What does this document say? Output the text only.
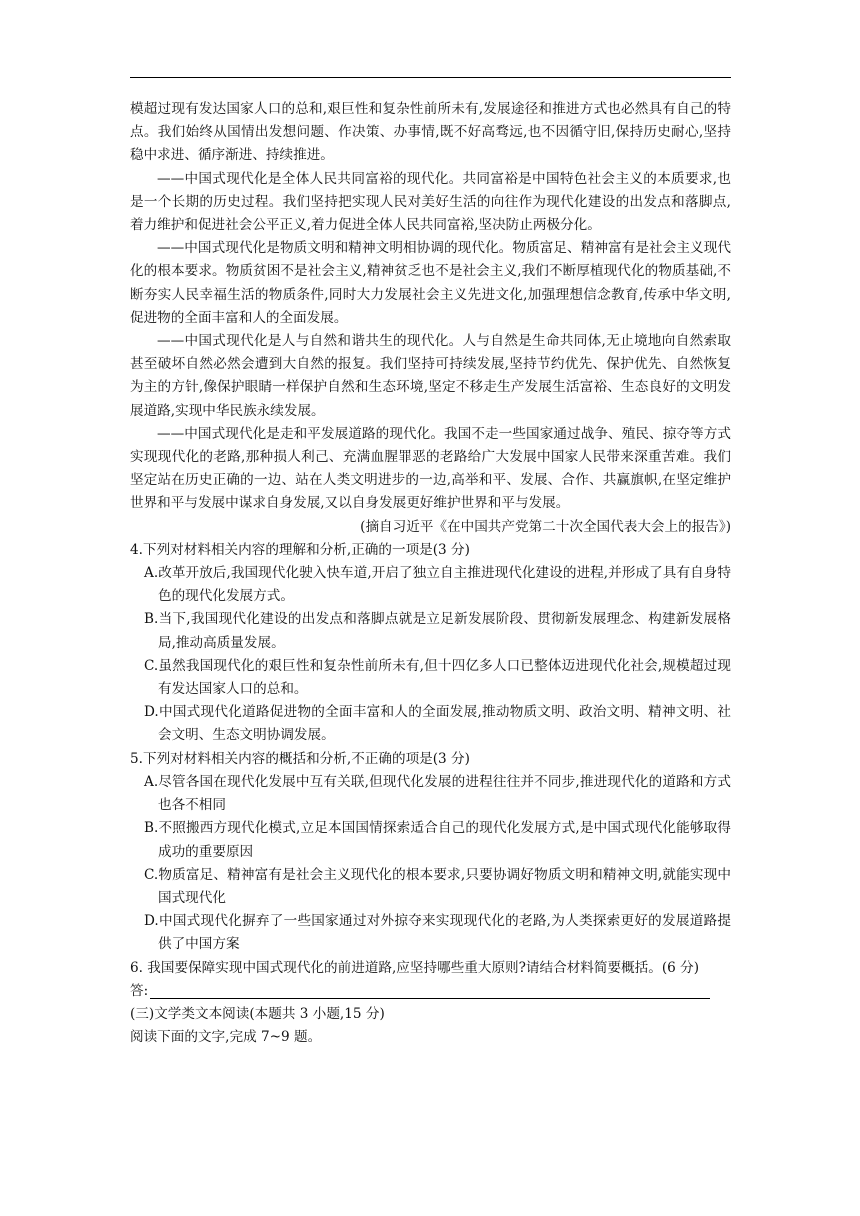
模超过现有发达国家人口的总和,艰巨性和复杂性前所未有,发展途径和推进方式也必然具有自己的特点。我们始终从国情出发想问题、作决策、办事情,既不好高骛远,也不因循守旧,保持历史耐心,坚持稳中求进、循序渐进、持续推进。

——中国式现代化是全体人民共同富裕的现代化。共同富裕是中国特色社会主义的本质要求,也是一个长期的历史过程。我们坚持把实现人民对美好生活的向往作为现代化建设的出发点和落脚点,着力维护和促进社会公平正义,着力促进全体人民共同富裕,坚决防止两极分化。

——中国式现代化是物质文明和精神文明相协调的现代化。物质富足、精神富有是社会主义现代化的根本要求。物质贫困不是社会主义,精神贫乏也不是社会主义,我们不断厚植现代化的物质基础,不断夯实人民幸福生活的物质条件,同时大力发展社会主义先进文化,加强理想信念教育,传承中华文明,促进物的全面丰富和人的全面发展。

——中国式现代化是人与自然和谐共生的现代化。人与自然是生命共同体,无止境地向自然索取甚至破坏自然必然会遭到大自然的报复。我们坚持可持续发展,坚持节约优先、保护优先、自然恢复为主的方针,像保护眼睛一样保护自然和生态环境,坚定不移走生产发展生活富裕、生态良好的文明发展道路,实现中华民族永续发展。

——中国式现代化是走和平发展道路的现代化。我国不走一些国家通过战争、殖民、掠夺等方式实现现代化的老路,那种损人利己、充满血腥罪恶的老路给广大发展中国家人民带来深重苦难。我们坚定站在历史正确的一边、站在人类文明进步的一边,高举和平、发展、合作、共赢旗帜,在坚定维护世界和平与发展中谋求自身发展,又以自身发展更好维护世界和平与发展。

(摘自习近平《在中国共产党第二十次全国代表大会上的报告》)

4.下列对材料相关内容的理解和分析,正确的一项是(3 分)

A.改革开放后,我国现代化驶入快车道,开启了独立自主推进现代化建设的进程,并形成了具有自身特色的现代化发展方式。

B.当下,我国现代化建设的出发点和落脚点就是立足新发展阶段、贯彻新发展理念、构建新发展格局,推动高质量发展。

C.虽然我国现代化的艰巨性和复杂性前所未有,但十四亿多人口已整体迈进现代化社会,规模超过现有发达国家人口的总和。

D.中国式现代化道路促进物的全面丰富和人的全面发展,推动物质文明、政治文明、精神文明、社会文明、生态文明协调发展。

5.下列对材料相关内容的概括和分析,不正确的项是(3 分)

A.尽管各国在现代化发展中互有关联,但现代化发展的进程往往并不同步,推进现代化的道路和方式也各不相同

B.不照搬西方现代化模式,立足本国国情探索适合自己的现代化发展方式,是中国式现代化能够取得成功的重要原因

C.物质富足、精神富有是社会主义现代化的根本要求,只要协调好物质文明和精神文明,就能实现中国式现代化

D.中国式现代化摒弃了一些国家通过对外掠夺来实现现代化的老路,为人类探索更好的发展道路提供了中国方案

6. 我国要保障实现中国式现代化的前进道路,应坚持哪些重大原则?请结合材料简要概括。(6 分)

答:

(三)文学类文本阅读(本题共 3 小题,15 分)

阅读下面的文字,完成 7~9 题。
